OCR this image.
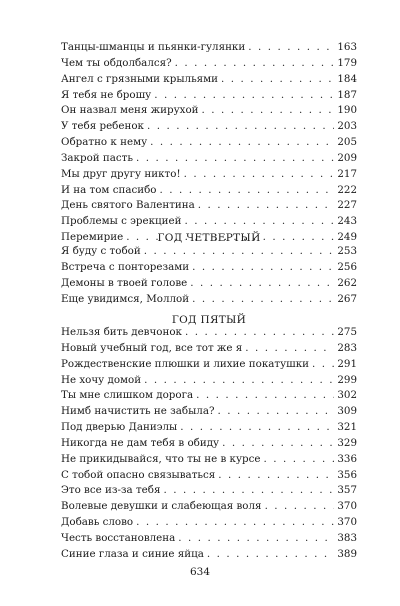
Танцы-шманцы и пьянки-гулянки . . .	163
Чем ты обдолбался? . . .	179
Ангел с грязными крыльями . . .	184
Я тебя не брошу . . .	187
Он назвал меня жирухой . . .	190
У тебя ребенок . . .	203
Обратно к нему . . .	205
Закрой пасть . . .	209
Мы друг другу никто! . . .	217
И на том спасибо . . .	222
День святого Валентина . . .	227
Проблемы с эрекцией . . .	243
Перемирие . . .	249
ГОД ЧЕТВЕРТЫЙ
Я буду с тобой . . .	253
Встреча с понторезами . . .	256
Демоны в твоей голове . . .	262
Еще увидимся, Моллой . . .	267
ГОД ПЯТЫЙ
Нельзя бить девчонок . . .	275
Новый учебный год, все тот же я . . .	283
Рождественские плюшки и лихие покатушки . . .	291
Не хочу домой . . .	299
Ты мне слишком дорога . . .	302
Нимб начистить не забыла? . . .	309
Под дверью Даниэлы . . .	321
Никогда не дам тебя в обиду . . .	329
Не прикидывайся, что ты не в курсе . . .	336
С тобой опасно связываться . . .	356
Это все из-за тебя . . .	357
Волевые девушки и слабеющая воля . . .	370
Добавь слово . . .	370
Честь восстановлена . . .	383
Синие глаза и синие яйца . . .	389
634
